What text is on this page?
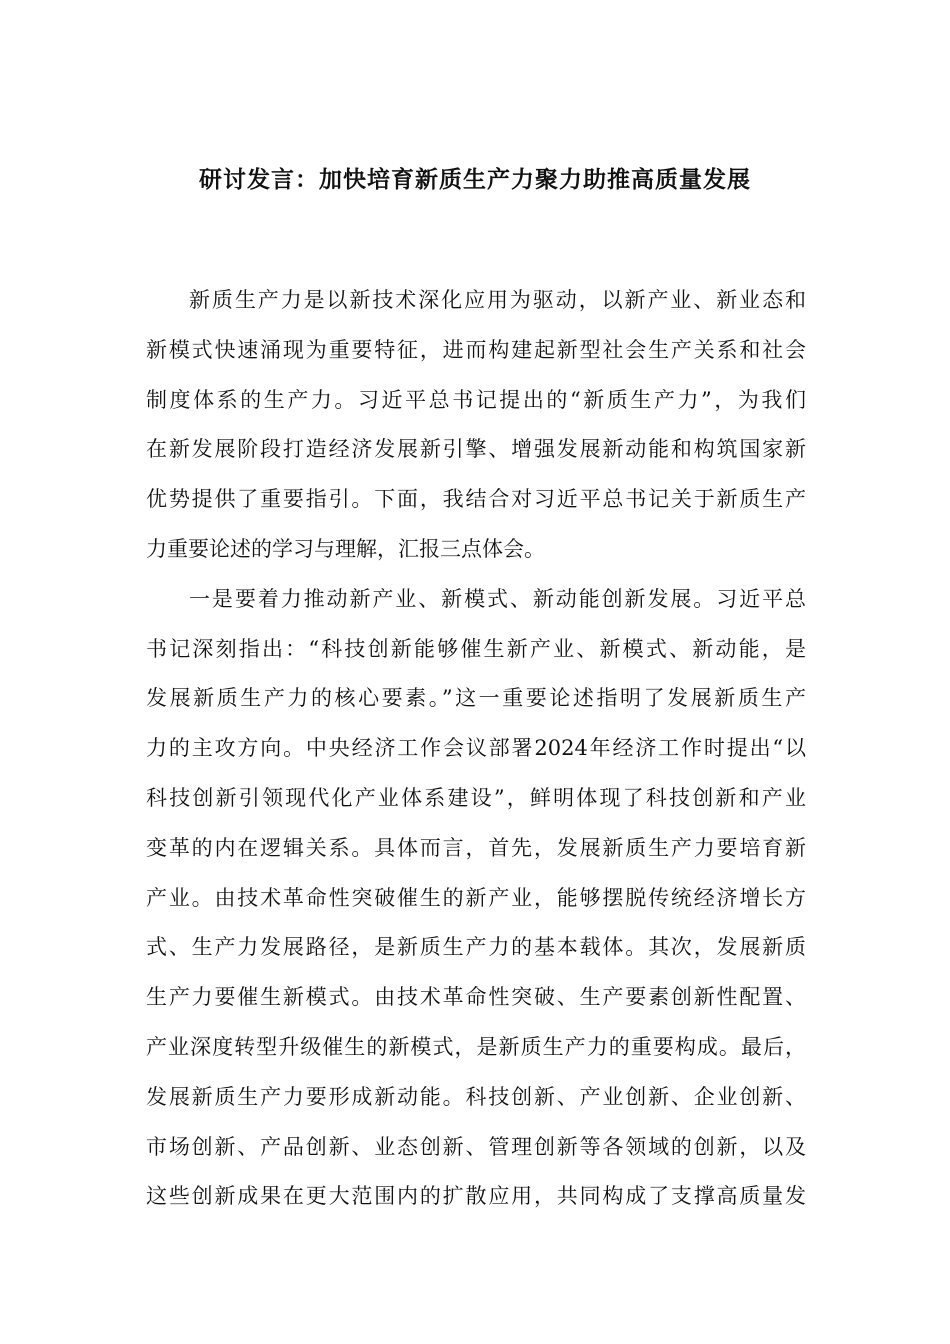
研讨发言：加快培育新质生产力聚力助推高质量发展
新质生产力是以新技术深化应用为驱动，以新产业、新业态和
新模式快速涌现为重要特征，进而构建起新型社会生产关系和社会
制度体系的生产力。习近平总书记提出的“新质生产力”，为我们
在新发展阶段打造经济发展新引擎、增强发展新动能和构筑国家新
优势提供了重要指引。下面，我结合对习近平总书记关于新质生产
力重要论述的学习与理解，汇报三点体会。
一是要着力推动新产业、新模式、新动能创新发展。习近平总
书记深刻指出：“科技创新能够催生新产业、新模式、新动能，是
发展新质生产力的核心要素。”这一重要论述指明了发展新质生产
力的主攻方向。中央经济工作会议部署2024年经济工作时提出“以
科技创新引领现代化产业体系建设”，鲜明体现了科技创新和产业
变革的内在逻辑关系。具体而言，首先，发展新质生产力要培育新
产业。由技术革命性突破催生的新产业，能够摆脱传统经济增长方
式、生产力发展路径，是新质生产力的基本载体。其次，发展新质
生产力要催生新模式。由技术革命性突破、生产要素创新性配置、
产业深度转型升级催生的新模式，是新质生产力的重要构成。最后，
发展新质生产力要形成新动能。科技创新、产业创新、企业创新、
市场创新、产品创新、业态创新、管理创新等各领域的创新，以及
这些创新成果在更大范围内的扩散应用，共同构成了支撑高质量发
